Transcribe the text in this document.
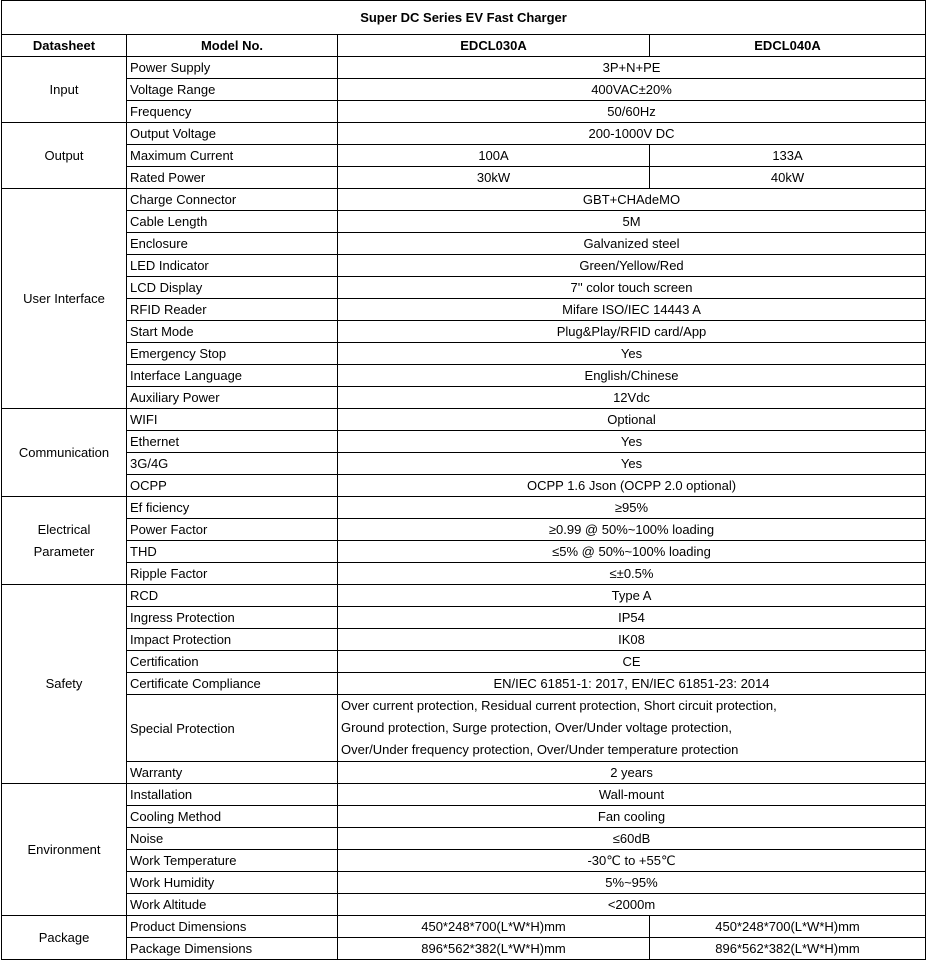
Super DC Series EV Fast Charger			
Datasheet	Model No.	EDCL030A	EDCL040A
Input	Power Supply	3P+N+PE	
	Voltage Range	400VAC±20%	
	Frequency	50/60Hz	
Output	Output Voltage	200-1000V DC	
	Maximum Current	100A	133A
	Rated Power	30kW	40kW
User Interface	Charge Connector	GBT+CHAdeMO	
	Cable Length	5M	
	Enclosure	Galvanized steel	
	LED Indicator	Green/Yellow/Red	
	LCD Display	7'' color touch screen	
	RFID Reader	Mifare ISO/IEC 14443 A	
	Start Mode	Plug&Play/RFID card/App	
	Emergency Stop	Yes	
	Interface Language	English/Chinese	
	Auxiliary Power	12Vdc	
Communication	WIFI	Optional	
	Ethernet	Yes	
	3G/4G	Yes	
	OCPP	OCPP 1.6 Json (OCPP 2.0 optional)	

Electrical
Parameter	Ef ficiency	≥95%	
	Power Factor	≥0.99 @ 50%~100% loading	
	THD	≤5% @ 50%~100% loading	
	Ripple Factor	≤±0.5%	
Safety	RCD	Type A	
	Ingress Protection	IP54	
	Impact Protection	IK08	
	Certification	CE	
	Certificate Compliance	EN/IEC 61851-1: 2017, EN/IEC 61851-23: 2014	
	Special Protection	Over current protection, Residual current protection, Short circuit protection,
Ground protection, Surge protection, Over/Under voltage protection,
Over/Under frequency protection, Over/Under temperature protection	

	Warranty	2 years	
Environment	Installation	Wall-mount	
	Cooling Method	Fan cooling	
	Noise	≤60dB	
	Work Temperature	-30℃ to +55℃	
	Work Humidity	5%~95%	
	Work Altitude	<2000m	
Package	Product Dimensions	450*248*700(L*W*H)mm	450*248*700(L*W*H)mm
	Package Dimensions	896*562*382(L*W*H)mm	896*562*382(L*W*H)mm
